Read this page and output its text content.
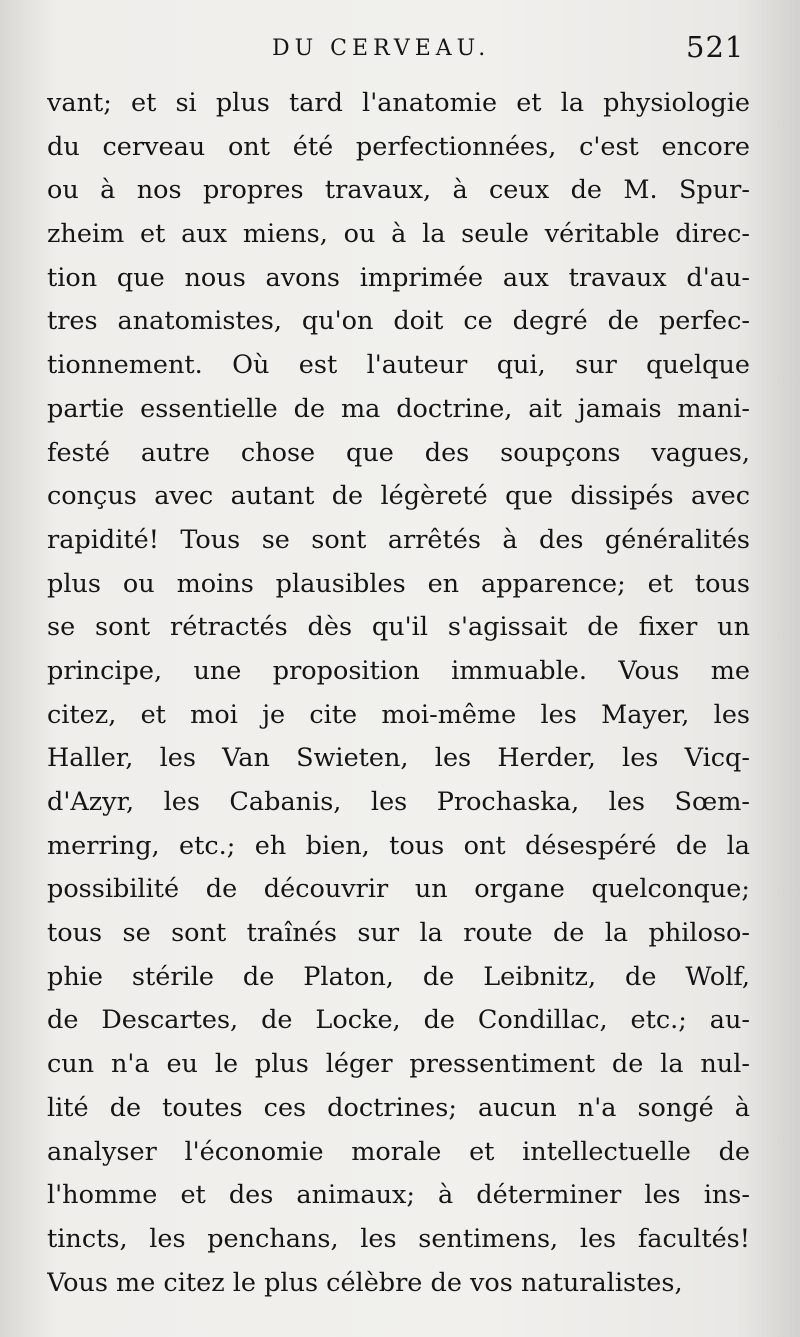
DU CERVEAU.	521
vant; et si plus tard l'anatomie et la physiologie
du cerveau ont été perfectionnées, c'est encore
ou à nos propres travaux, à ceux de M. Spur-
zheim et aux miens, ou à la seule véritable direc-
tion que nous avons imprimée aux travaux d'au-
tres anatomistes, qu'on doit ce degré de perfec-
tionnement. Où est l'auteur qui, sur quelque
partie essentielle de ma doctrine, ait jamais mani-
festé autre chose que des soupçons vagues,
conçus avec autant de légèreté que dissipés avec
rapidité! Tous se sont arrêtés à des généralités
plus ou moins plausibles en apparence; et tous
se sont rétractés dès qu'il s'agissait de fixer un
principe, une proposition immuable. Vous me
citez, et moi je cite moi-même les Mayer, les
Haller, les Van Swieten, les Herder, les Vicq-
d'Azyr, les Cabanis, les Prochaska, les Sœm-
merring, etc.; eh bien, tous ont désespéré de la
possibilité de découvrir un organe quelconque;
tous se sont traînés sur la route de la philoso-
phie stérile de Platon, de Leibnitz, de Wolf,
de Descartes, de Locke, de Condillac, etc.; au-
cun n'a eu le plus léger pressentiment de la nul-
lité de toutes ces doctrines; aucun n'a songé à
analyser l'économie morale et intellectuelle de
l'homme et des animaux; à déterminer les ins-
tincts, les penchans, les sentimens, les facultés!
Vous me citez le plus célèbre de vos naturalistes,
